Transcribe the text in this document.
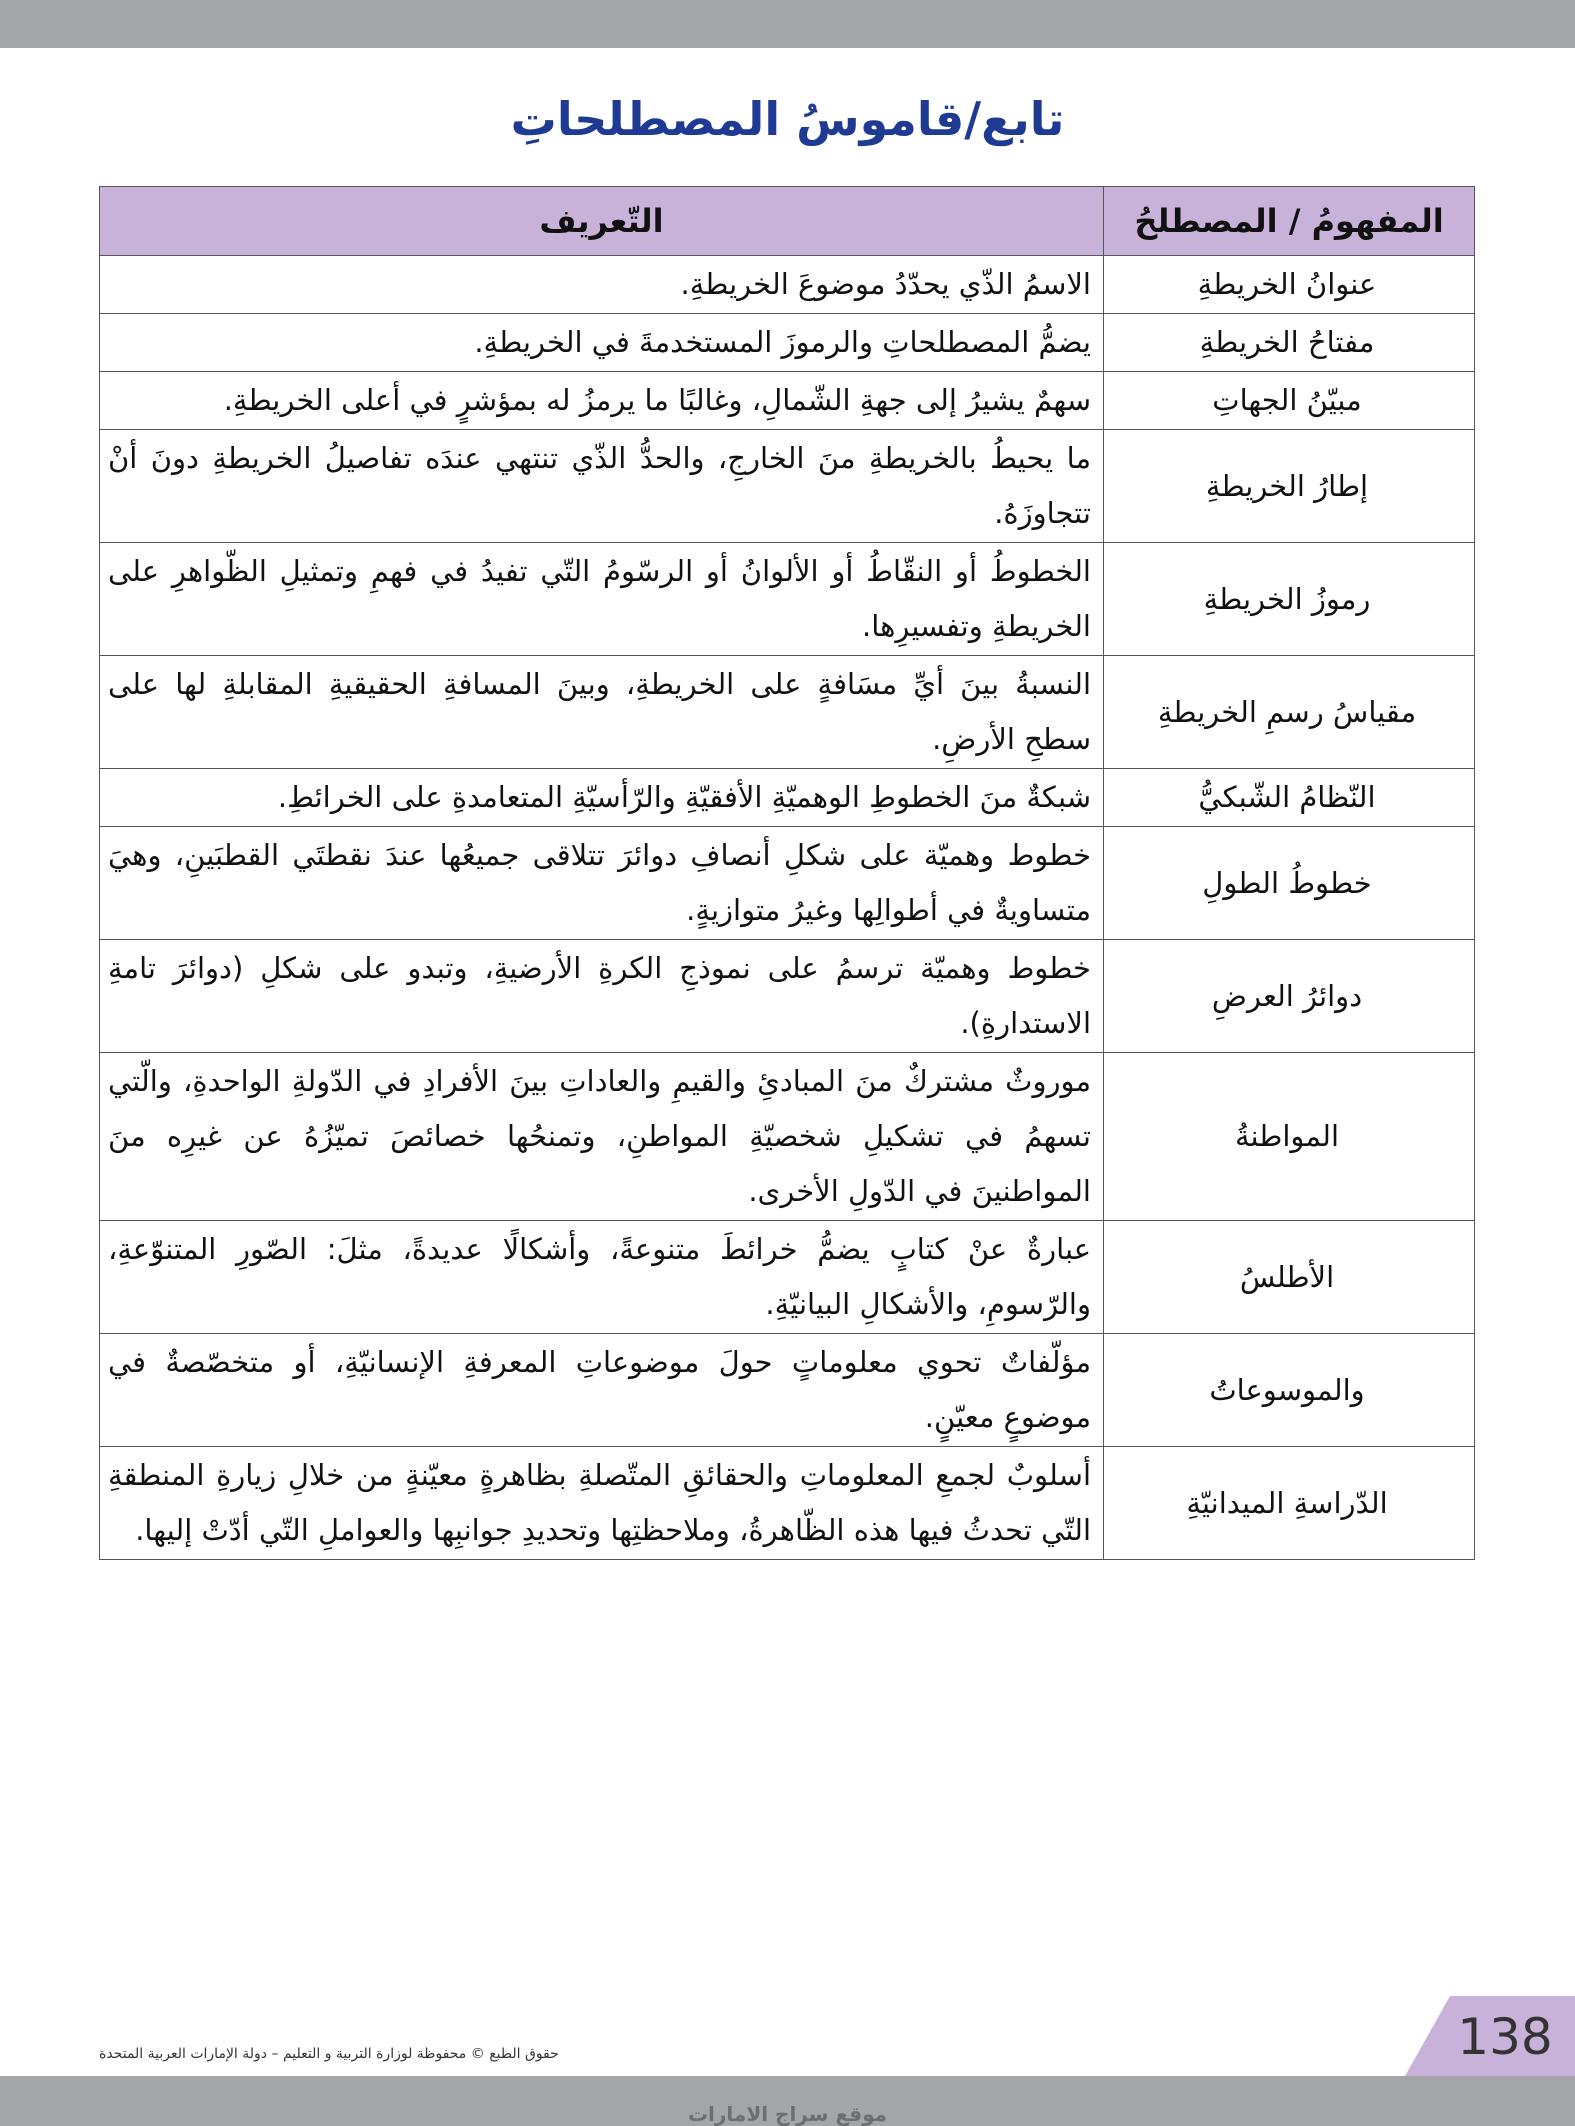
تابع/قاموسُ المصطلحاتِ
المفهومُ / المصطلحُ	التّعريف
عنوانُ الخريطةِ	الاسمُ الذّي يحدّدُ موضوعَ الخريطةِ.
مفتاحُ الخريطةِ	يضمُّ المصطلحاتِ والرموزَ المستخدمةَ في الخريطةِ.
مبيّنُ الجهاتِ	سهمٌ يشيرُ إلى جهةِ الشّمالِ، وغالبًا ما يرمزُ له بمؤشرٍ في أعلى الخريطةِ.
إطارُ الخريطةِ	ما يحيطُ بالخريطةِ منَ الخارجِ، والحدُّ الذّي تنتهي عندَه تفاصيلُ الخريطةِ دونَ أنْ تتجاوزَهُ.
رموزُ الخريطةِ	الخطوطُ أو النقّاطُ أو الألوانُ أو الرسّومُ التّي تفيدُ في فهمِ وتمثيلِ الظّواهرِ على الخريطةِ وتفسيرِها.
مقياسُ رسمِ الخريطةِ	النسبةُ بينَ أيِّ مسَافةٍ على الخريطةِ، وبينَ المسافةِ الحقيقيةِ المقابلةِ لها على سطحِ الأرضِ.
النّظامُ الشّبكيُّ	شبكةٌ منَ الخطوطِ الوهميّةِ الأفقيّةِ والرّأسيّةِ المتعامدةِ على الخرائطِ.
خطوطُ الطولِ	خطوط وهميّة على شكلِ أنصافِ دوائرَ تتلاقى جميعُها عندَ نقطتَي القطبَينِ، وهيَ متساويةٌ في أطوالِها وغيرُ متوازيةٍ.
دوائرُ العرضِ	خطوط وهميّة ترسمُ على نموذجِ الكرةِ الأرضيةِ، وتبدو على شكلِ (دوائرَ تامةِ الاستدارةِ).
المواطنةُ	موروثٌ مشتركٌ منَ المبادئِ والقيمِ والعاداتِ بينَ الأفرادِ في الدّولةِ الواحدةِ، والّتي تسهمُ في تشكيلِ شخصيّةِ المواطنِ، وتمنحُها خصائصَ تميّزُهُ عن غيرِه منَ المواطنينَ في الدّولِ الأخرى.
الأطلسُ	عبارةٌ عنْ كتابٍ يضمُّ خرائطَ متنوعةً، وأشكالًا عديدةً، مثلَ: الصّورِ المتنوّعةِ، والرّسومِ، والأشكالِ البيانيّةِ.
والموسوعاتُ	مؤلّفاتٌ تحوي معلوماتٍ حولَ موضوعاتِ المعرفةِ الإنسانيّةِ، أو متخصّصةٌ في موضوعٍ معيّنٍ.
الدّراسةِ الميدانيّةِ	أسلوبٌ لجمعِ المعلوماتِ والحقائقِ المتّصلةِ بظاهرةٍ معيّنةٍ من خلالِ زيارةِ المنطقةِ التّي تحدثُ فيها هذه الظّاهرةُ، وملاحظتِها وتحديدِ جوانبِها والعواملِ التّي أدّتْ إليها.
حقوق الطبع © محفوظة لوزارة التربية و التعليم – دولة الإمارات العربية المتحدة	138
موقع سراج الامارات
